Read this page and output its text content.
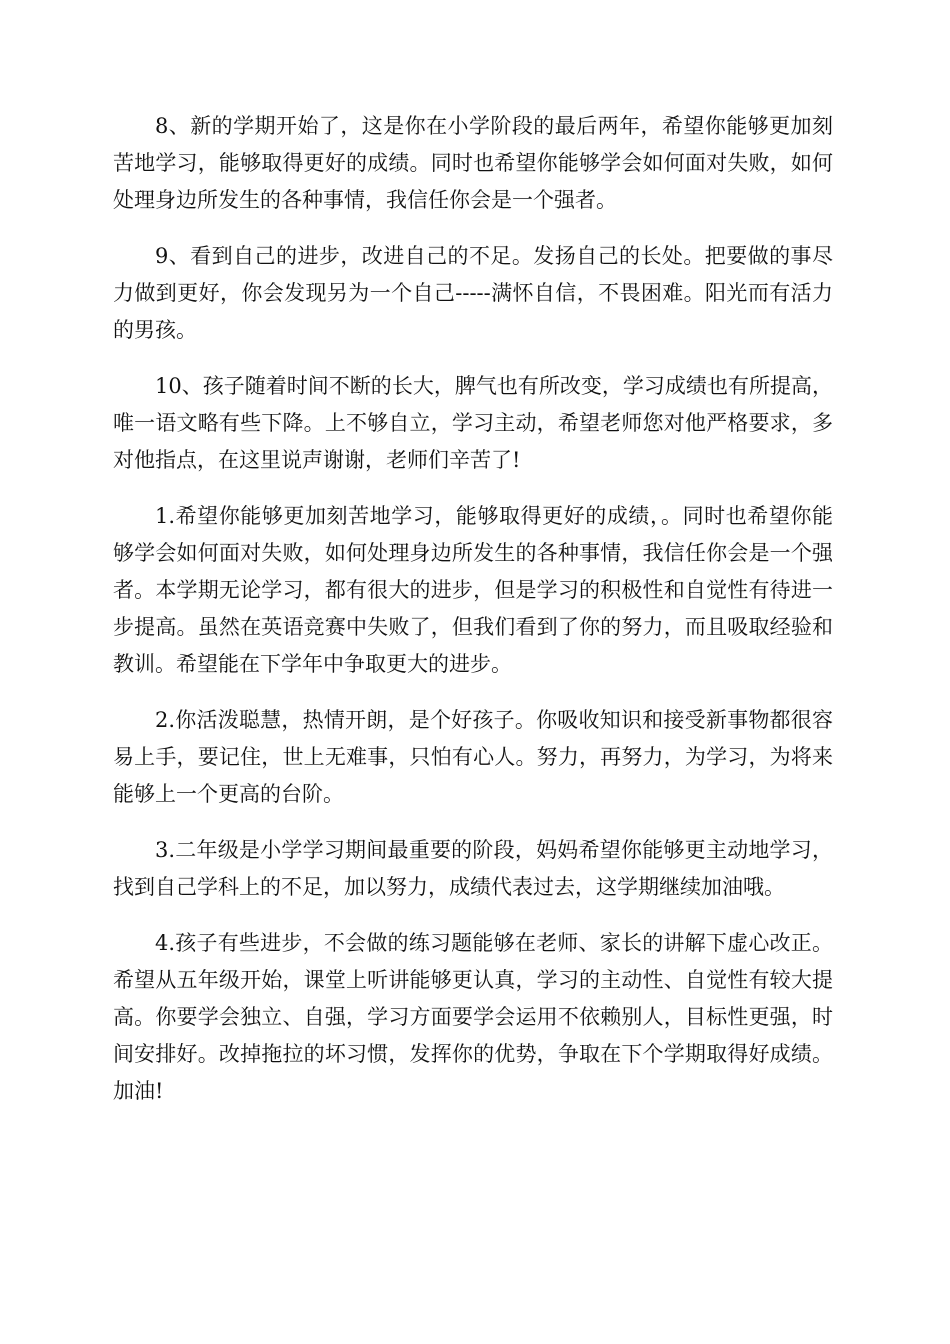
8、新的学期开始了，这是你在小学阶段的最后两年，希望你能够更加刻苦地学习，能够取得更好的成绩。同时也希望你能够学会如何面对失败，如何处理身边所发生的各种事情，我信任你会是一个强者。

9、看到自己的进步，改进自己的不足。发扬自己的长处。把要做的事尽力做到更好，你会发现另为一个自己-----满怀自信，不畏困难。阳光而有活力的男孩。

10、孩子随着时间不断的长大，脾气也有所改变，学习成绩也有所提高，唯一语文略有些下降。上不够自立，学习主动，希望老师您对他严格要求，多对他指点，在这里说声谢谢，老师们辛苦了!

1.希望你能够更加刻苦地学习，能够取得更好的成绩，。同时也希望你能够学会如何面对失败，如何处理身边所发生的各种事情，我信任你会是一个强者。本学期无论学习，都有很大的进步，但是学习的积极性和自觉性有待进一步提高。虽然在英语竞赛中失败了，但我们看到了你的努力，而且吸取经验和教训。希望能在下学年中争取更大的进步。

2.你活泼聪慧，热情开朗，是个好孩子。你吸收知识和接受新事物都很容易上手，要记住，世上无难事，只怕有心人。努力，再努力，为学习，为将来能够上一个更高的台阶。

3.二年级是小学学习期间最重要的阶段，妈妈希望你能够更主动地学习，找到自己学科上的不足，加以努力，成绩代表过去，这学期继续加油哦。

4.孩子有些进步，不会做的练习题能够在老师、家长的讲解下虚心改正。希望从五年级开始，课堂上听讲能够更认真，学习的主动性、自觉性有较大提高。你要学会独立、自强，学习方面要学会运用不依赖别人，目标性更强，时间安排好。改掉拖拉的坏习惯，发挥你的优势，争取在下个学期取得好成绩。加油!
